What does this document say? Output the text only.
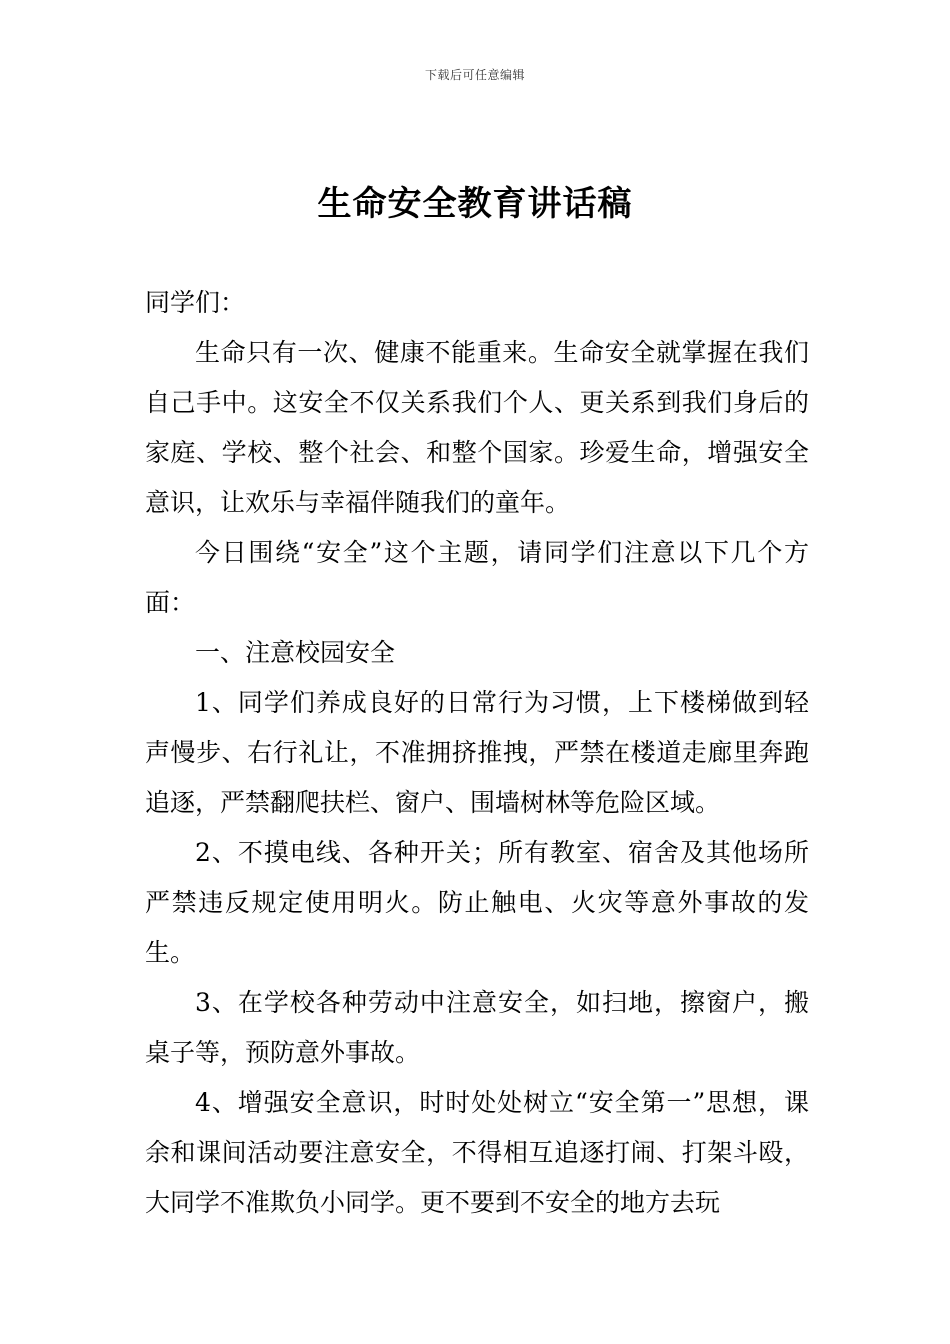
下载后可任意编辑
生命安全教育讲话稿

同学们：

生命只有一次、健康不能重来。生命安全就掌握在我们自己手中。这安全不仅关系我们个人、更关系到我们身后的家庭、学校、整个社会、和整个国家。珍爱生命，增强安全意识，让欢乐与幸福伴随我们的童年。

今日围绕“安全”这个主题，请同学们注意以下几个方面：

一、注意校园安全

1、同学们养成良好的日常行为习惯，上下楼梯做到轻声慢步、右行礼让，不准拥挤推拽，严禁在楼道走廊里奔跑追逐，严禁翻爬扶栏、窗户、围墙树林等危险区域。

2、不摸电线、各种开关；所有教室、宿舍及其他场所严禁违反规定使用明火。防止触电、火灾等意外事故的发生。

3、在学校各种劳动中注意安全，如扫地，擦窗户，搬桌子等，预防意外事故。

4、增强安全意识，时时处处树立“安全第一”思想，课余和课间活动要注意安全，不得相互追逐打闹、打架斗殴，大同学不准欺负小同学。更不要到不安全的地方去玩
